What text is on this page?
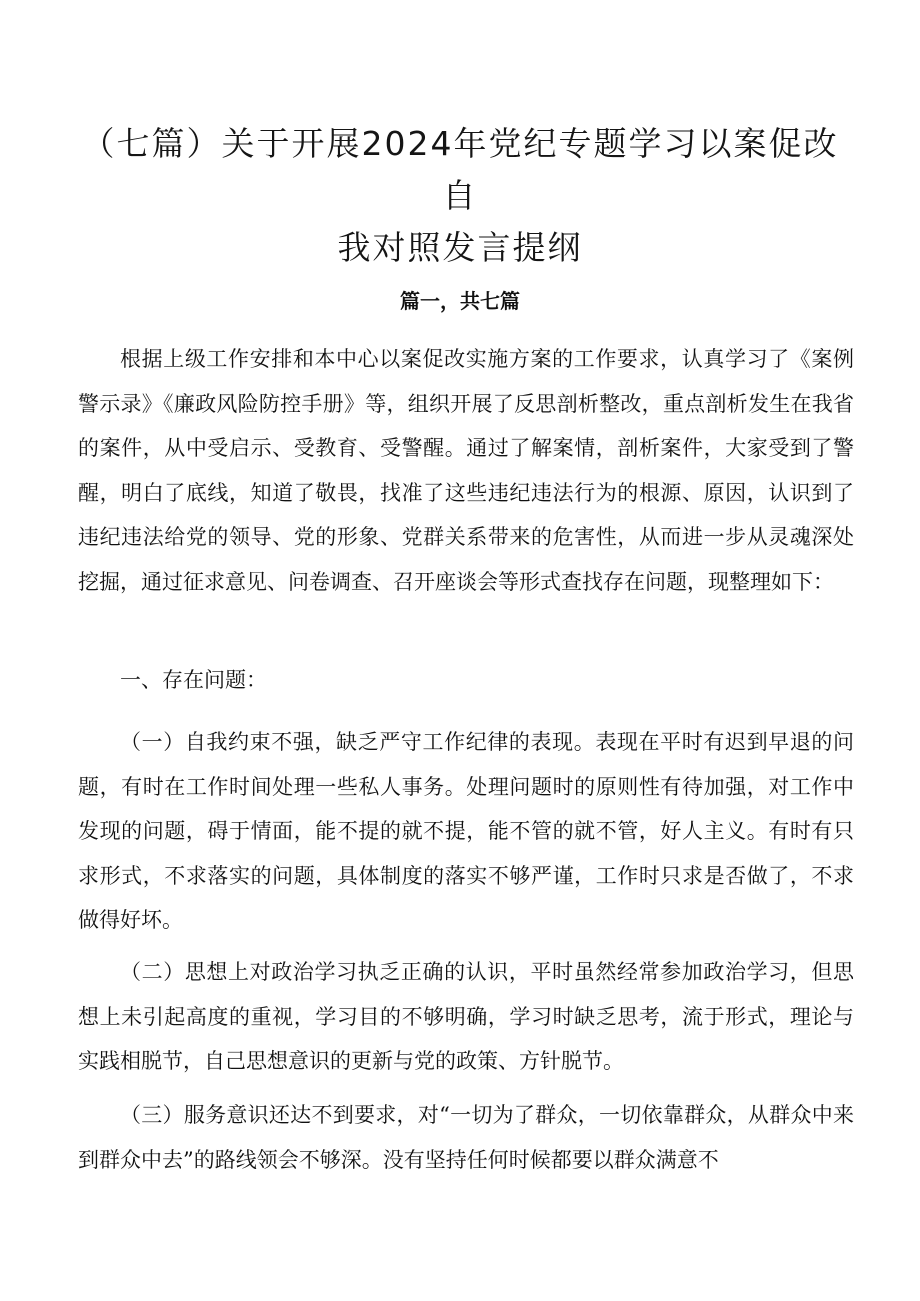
（七篇）关于开展2024年党纪专题学习以案促改自
我对照发言提纲
篇一，共七篇

根据上级工作安排和本中心以案促改实施方案的工作要求，认真学习了《案例警示录》《廉政风险防控手册》等，组织开展了反思剖析整改，重点剖析发生在我省的案件，从中受启示、受教育、受警醒。通过了解案情，剖析案件，大家受到了警醒，明白了底线，知道了敬畏，找准了这些违纪违法行为的根源、原因，认识到了违纪违法给党的领导、党的形象、党群关系带来的危害性，从而进一步从灵魂深处挖掘，通过征求意见、问卷调查、召开座谈会等形式查找存在问题，现整理如下：

一、存在问题：

（一）自我约束不强，缺乏严守工作纪律的表现。表现在平时有迟到早退的问题，有时在工作时间处理一些私人事务。处理问题时的原则性有待加强，对工作中发现的问题，碍于情面，能不提的就不提，能不管的就不管，好人主义。有时有只求形式，不求落实的问题，具体制度的落实不够严谨，工作时只求是否做了，不求做得好坏。

（二）思想上对政治学习执乏正确的认识，平时虽然经常参加政治学习，但思想上未引起高度的重视，学习目的不够明确，学习时缺乏思考，流于形式，理论与实践相脱节，自己思想意识的更新与党的政策、方针脱节。

（三）服务意识还达不到要求，对“一切为了群众，一切依靠群众，从群众中来到群众中去”的路线领会不够深。没有坚持任何时候都要以群众满意不
